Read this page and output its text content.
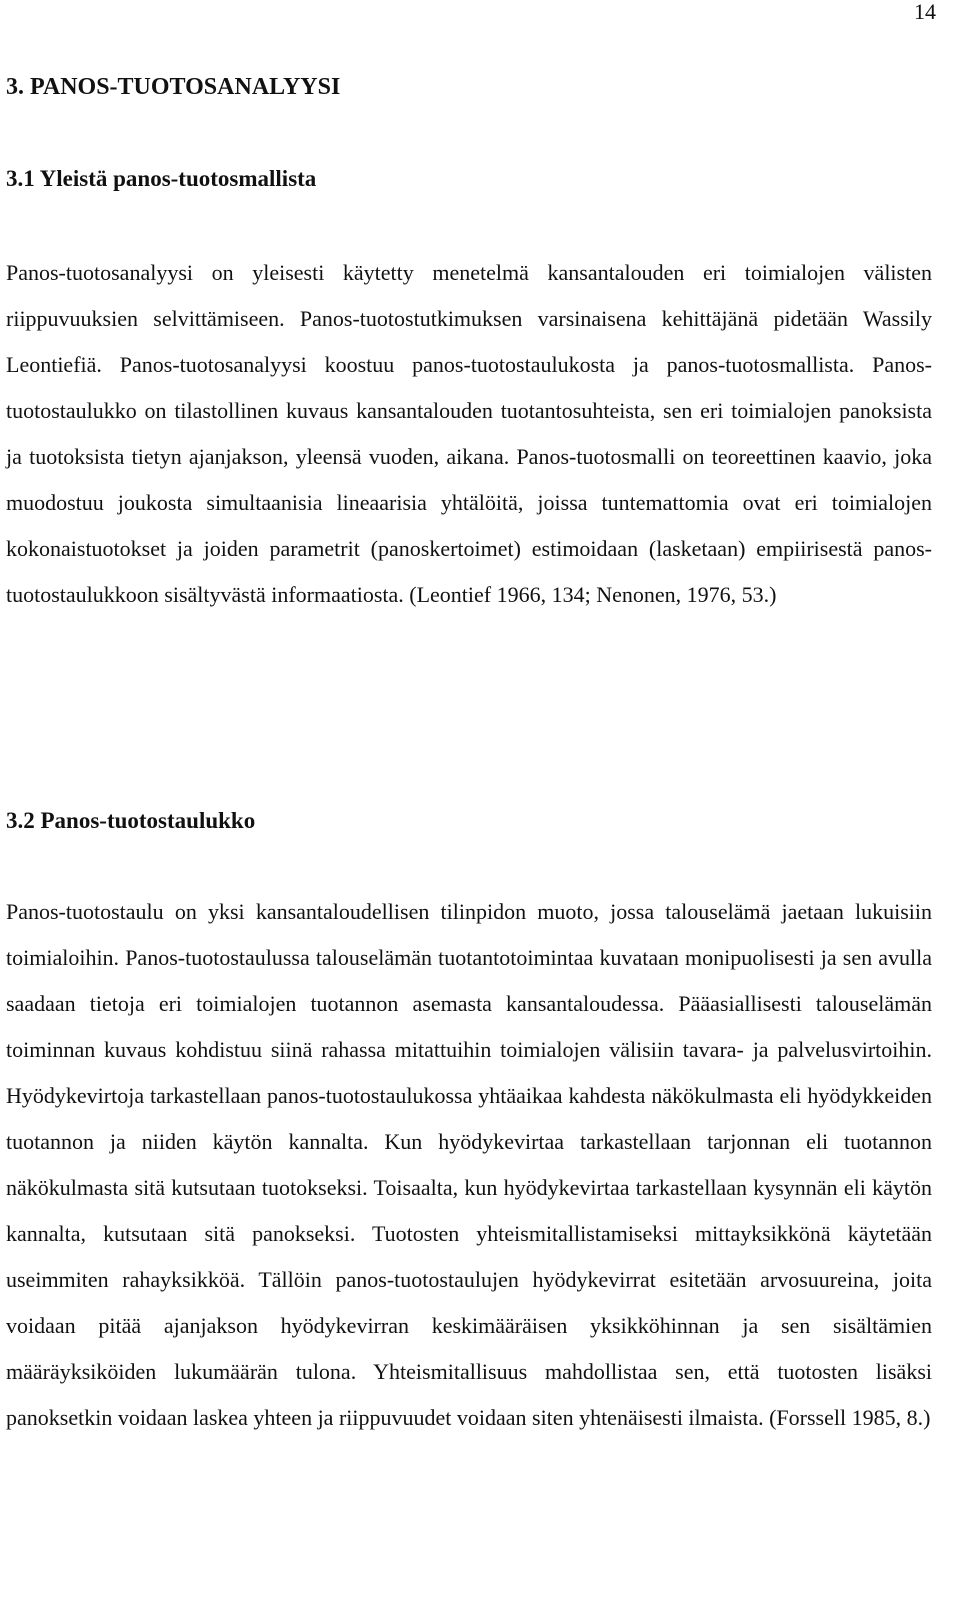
14
3. PANOS-TUOTOSANALYYSI
3.1 Yleistä panos-tuotosmallista

Panos-tuotosanalyysi on yleisesti käytetty menetelmä kansantalouden eri toimialojen välisten riippuvuuksien selvittämiseen. Panos-tuotostutkimuksen varsinaisena kehittäjänä pidetään Wassily Leontiefiä. Panos-tuotosanalyysi koostuu panos-tuotostaulukosta ja panos-tuotosmallista. Panos-tuotostaulukko on tilastollinen kuvaus kansantalouden tuotantosuhteista, sen eri toimialojen panoksista ja tuotoksista tietyn ajanjakson, yleensä vuoden, aikana. Panos-tuotosmalli on teoreettinen kaavio, joka muodostuu joukosta simultaanisia lineaarisia yhtälöitä, joissa tuntemattomia ovat eri toimialojen kokonaistuotokset ja joiden parametrit (panoskertoimet) estimoidaan (lasketaan) empiirisestä panos-tuotostaulukkoon sisältyvästä informaatiosta. (Leontief 1966, 134; Nenonen, 1976, 53.)

3.2 Panos-tuotostaulukko

Panos-tuotostaulu on yksi kansantaloudellisen tilinpidon muoto, jossa talouselämä jaetaan lukuisiin toimialoihin. Panos-tuotostaulussa talouselämän tuotantotoimintaa kuvataan monipuolisesti ja sen avulla saadaan tietoja eri toimialojen tuotannon asemasta kansantaloudessa. Pääasiallisesti talouselämän toiminnan kuvaus kohdistuu siinä rahassa mitattuihin toimialojen välisiin tavara- ja palvelusvirtoihin. Hyödykevirtoja tarkastellaan panos-tuotostaulukossa yhtäaikaa kahdesta näkökulmasta eli hyödykkeiden tuotannon ja niiden käytön kannalta. Kun hyödykevirtaa tarkastellaan tarjonnan eli tuotannon näkökulmasta sitä kutsutaan tuotokseksi. Toisaalta, kun hyödykevirtaa tarkastellaan kysynnän eli käytön kannalta, kutsutaan sitä panokseksi. Tuotosten yhteismitallistamiseksi mittayksikkönä käytetään useimmiten rahayksikköä. Tällöin panos-tuotostaulujen hyödykevirrat esitetään arvosuureina, joita voidaan pitää ajanjakson hyödykevirran keskimääräisen yksikköhinnan ja sen sisältämien määräyksiköiden lukumäärän tulona. Yhteismitallisuus mahdollistaa sen, että tuotosten lisäksi panoksetkin voidaan laskea yhteen ja riippuvuudet voidaan siten yhtenäisesti ilmaista. (Forssell 1985, 8.)
